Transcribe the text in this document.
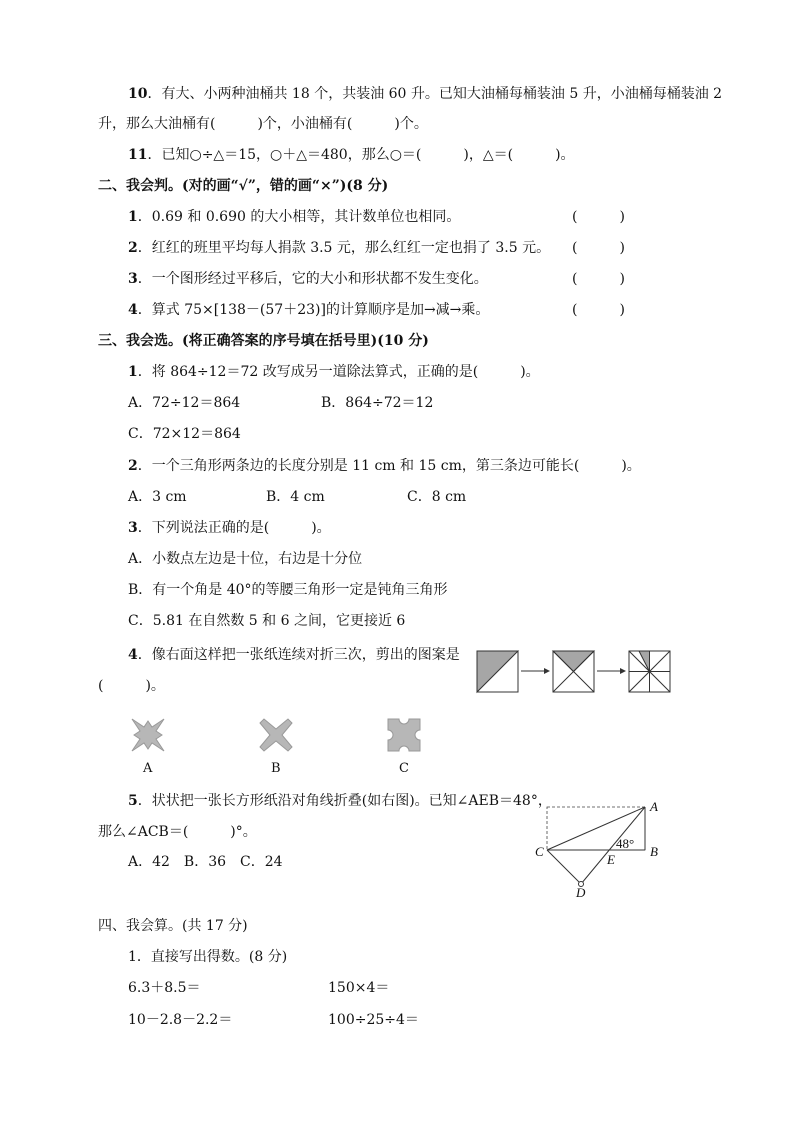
10．有大、小两种油桶共 18 个，共装油 60 升。已知大油桶每桶装油 5 升，小油桶每桶装油 2
升，那么大油桶有(　　　)个，小油桶有(　　　)个。
11．已知○÷△＝15，○＋△＝480，那么○＝(　　　)，△＝(　　　)。
二、我会判。(对的画“√”，错的画“×”)(8 分)
1．0.69 和 0.690 的大小相等，其计数单位也相同。	(　　　)
2．红红的班里平均每人捐款 3.5 元，那么红红一定也捐了 3.5 元。 (　　　)
3．一个图形经过平移后，它的大小和形状都不发生变化。	(　　　)
4．算式 75×[138－(57＋23)]的计算顺序是加→减→乘。	(　　　)
三、我会选。(将正确答案的序号填在括号里)(10 分)
1．将 864÷12＝72 改写成另一道除法算式，正确的是(　　　)。
A．72÷12＝864	B．864÷72＝12
C．72×12＝864
2．一个三角形两条边的长度分别是 11 cm 和 15 cm，第三条边可能长(　　　)。
A．3 cm	B．4 cm	C．8 cm
3．下列说法正确的是(　　　)。
A．小数点左边是十位，右边是十分位
B．有一个角是 40°的等腰三角形一定是钝角三角形
C．5.81 在自然数 5 和 6 之间，它更接近 6
4．像右面这样把一张纸连续对折三次，剪出的图案是
(　　　)。
A	B	C
5．状状把一张长方形纸沿对角线折叠(如右图)。已知∠AEB＝48°，
那么∠ACB＝(　　　)°。
A．42　B．36　C．24
48°
A
B
C
D
E
四、我会算。(共 17 分)
1．直接写出得数。(8 分)
6.3＋8.5＝	150×4＝
10－2.8－2.2＝	100÷25÷4＝
